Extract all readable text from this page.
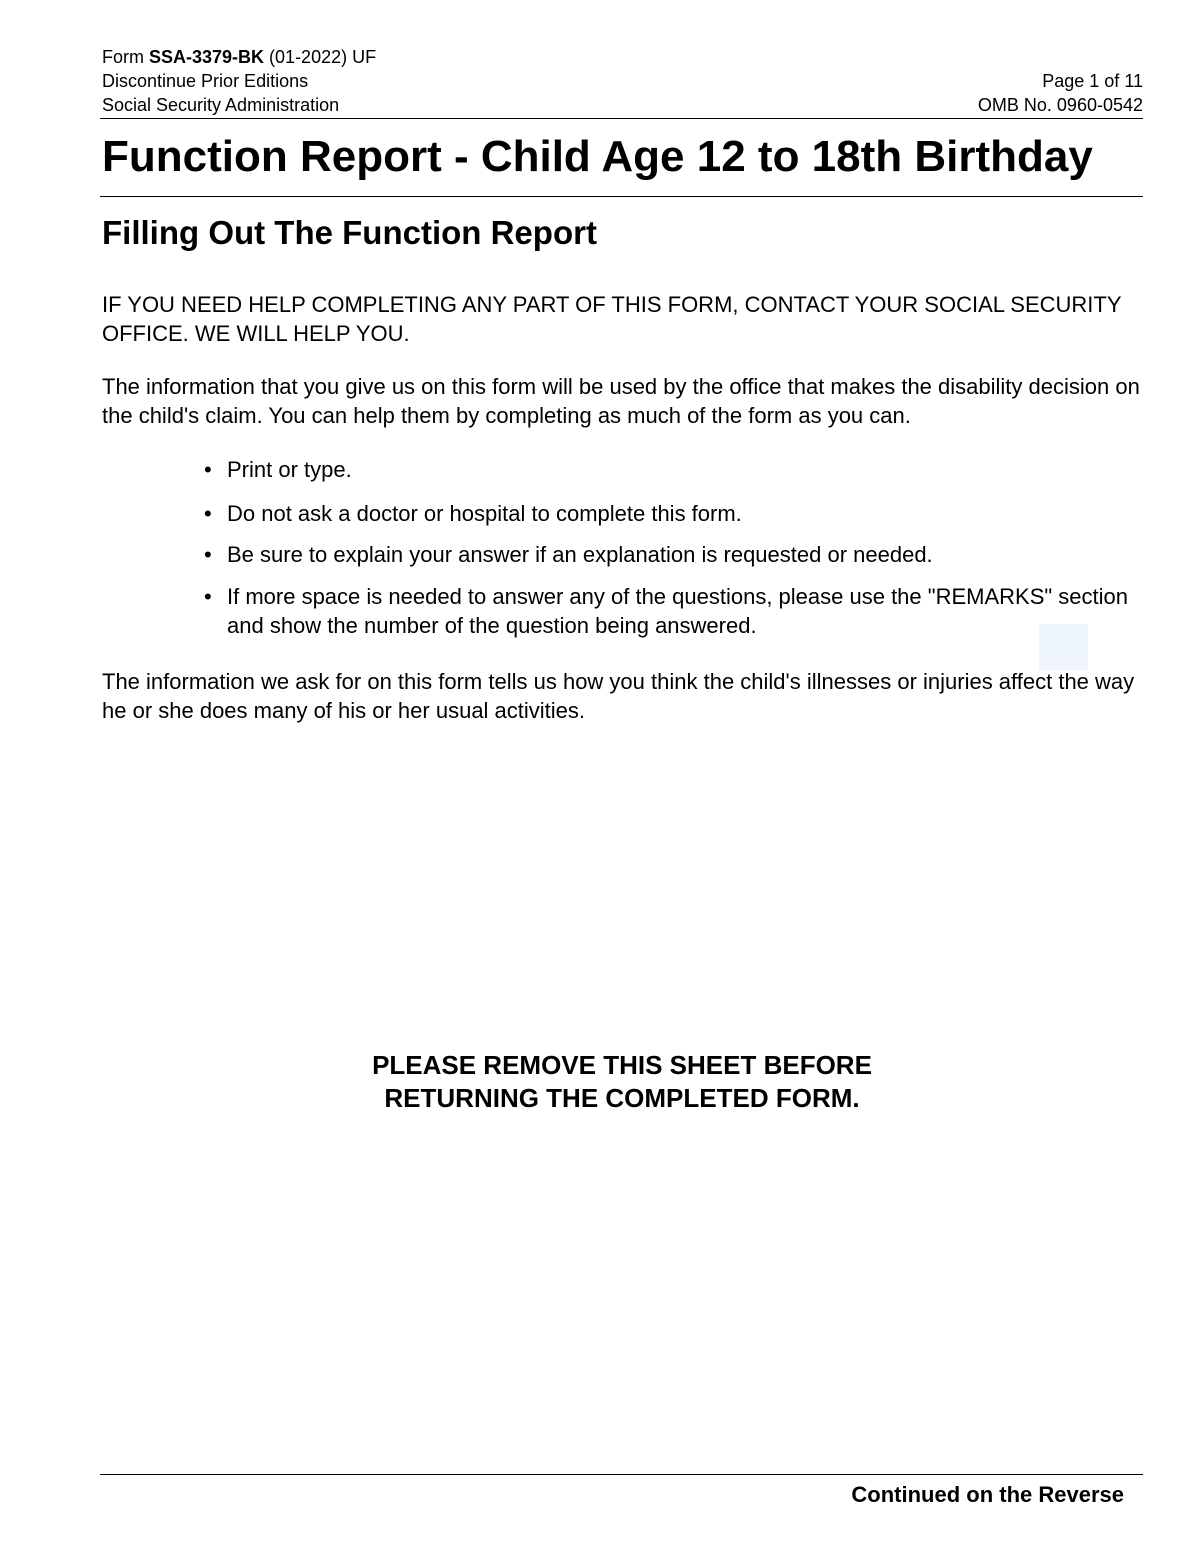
Form SSA-3379-BK (01-2022) UF
Discontinue Prior Editions
Social Security Administration
Page 1 of 11
OMB No. 0960-0542
Function Report - Child Age 12 to 18th Birthday
Filling Out The Function Report

IF YOU NEED HELP COMPLETING ANY PART OF THIS FORM, CONTACT YOUR SOCIAL SECURITY OFFICE. WE WILL HELP YOU.

The information that you give us on this form will be used by the office that makes the disability decision on the child's claim. You can help them by completing as much of the form as you can.

• Print or type.
• Do not ask a doctor or hospital to complete this form.
• Be sure to explain your answer if an explanation is requested or needed.
• If more space is needed to answer any of the questions, please use the "REMARKS" section and show the number of the question being answered.

The information we ask for on this form tells us how you think the child's illnesses or injuries affect the way he or she does many of his or her usual activities.

PLEASE REMOVE THIS SHEET BEFORE
RETURNING THE COMPLETED FORM.
Continued on the Reverse
